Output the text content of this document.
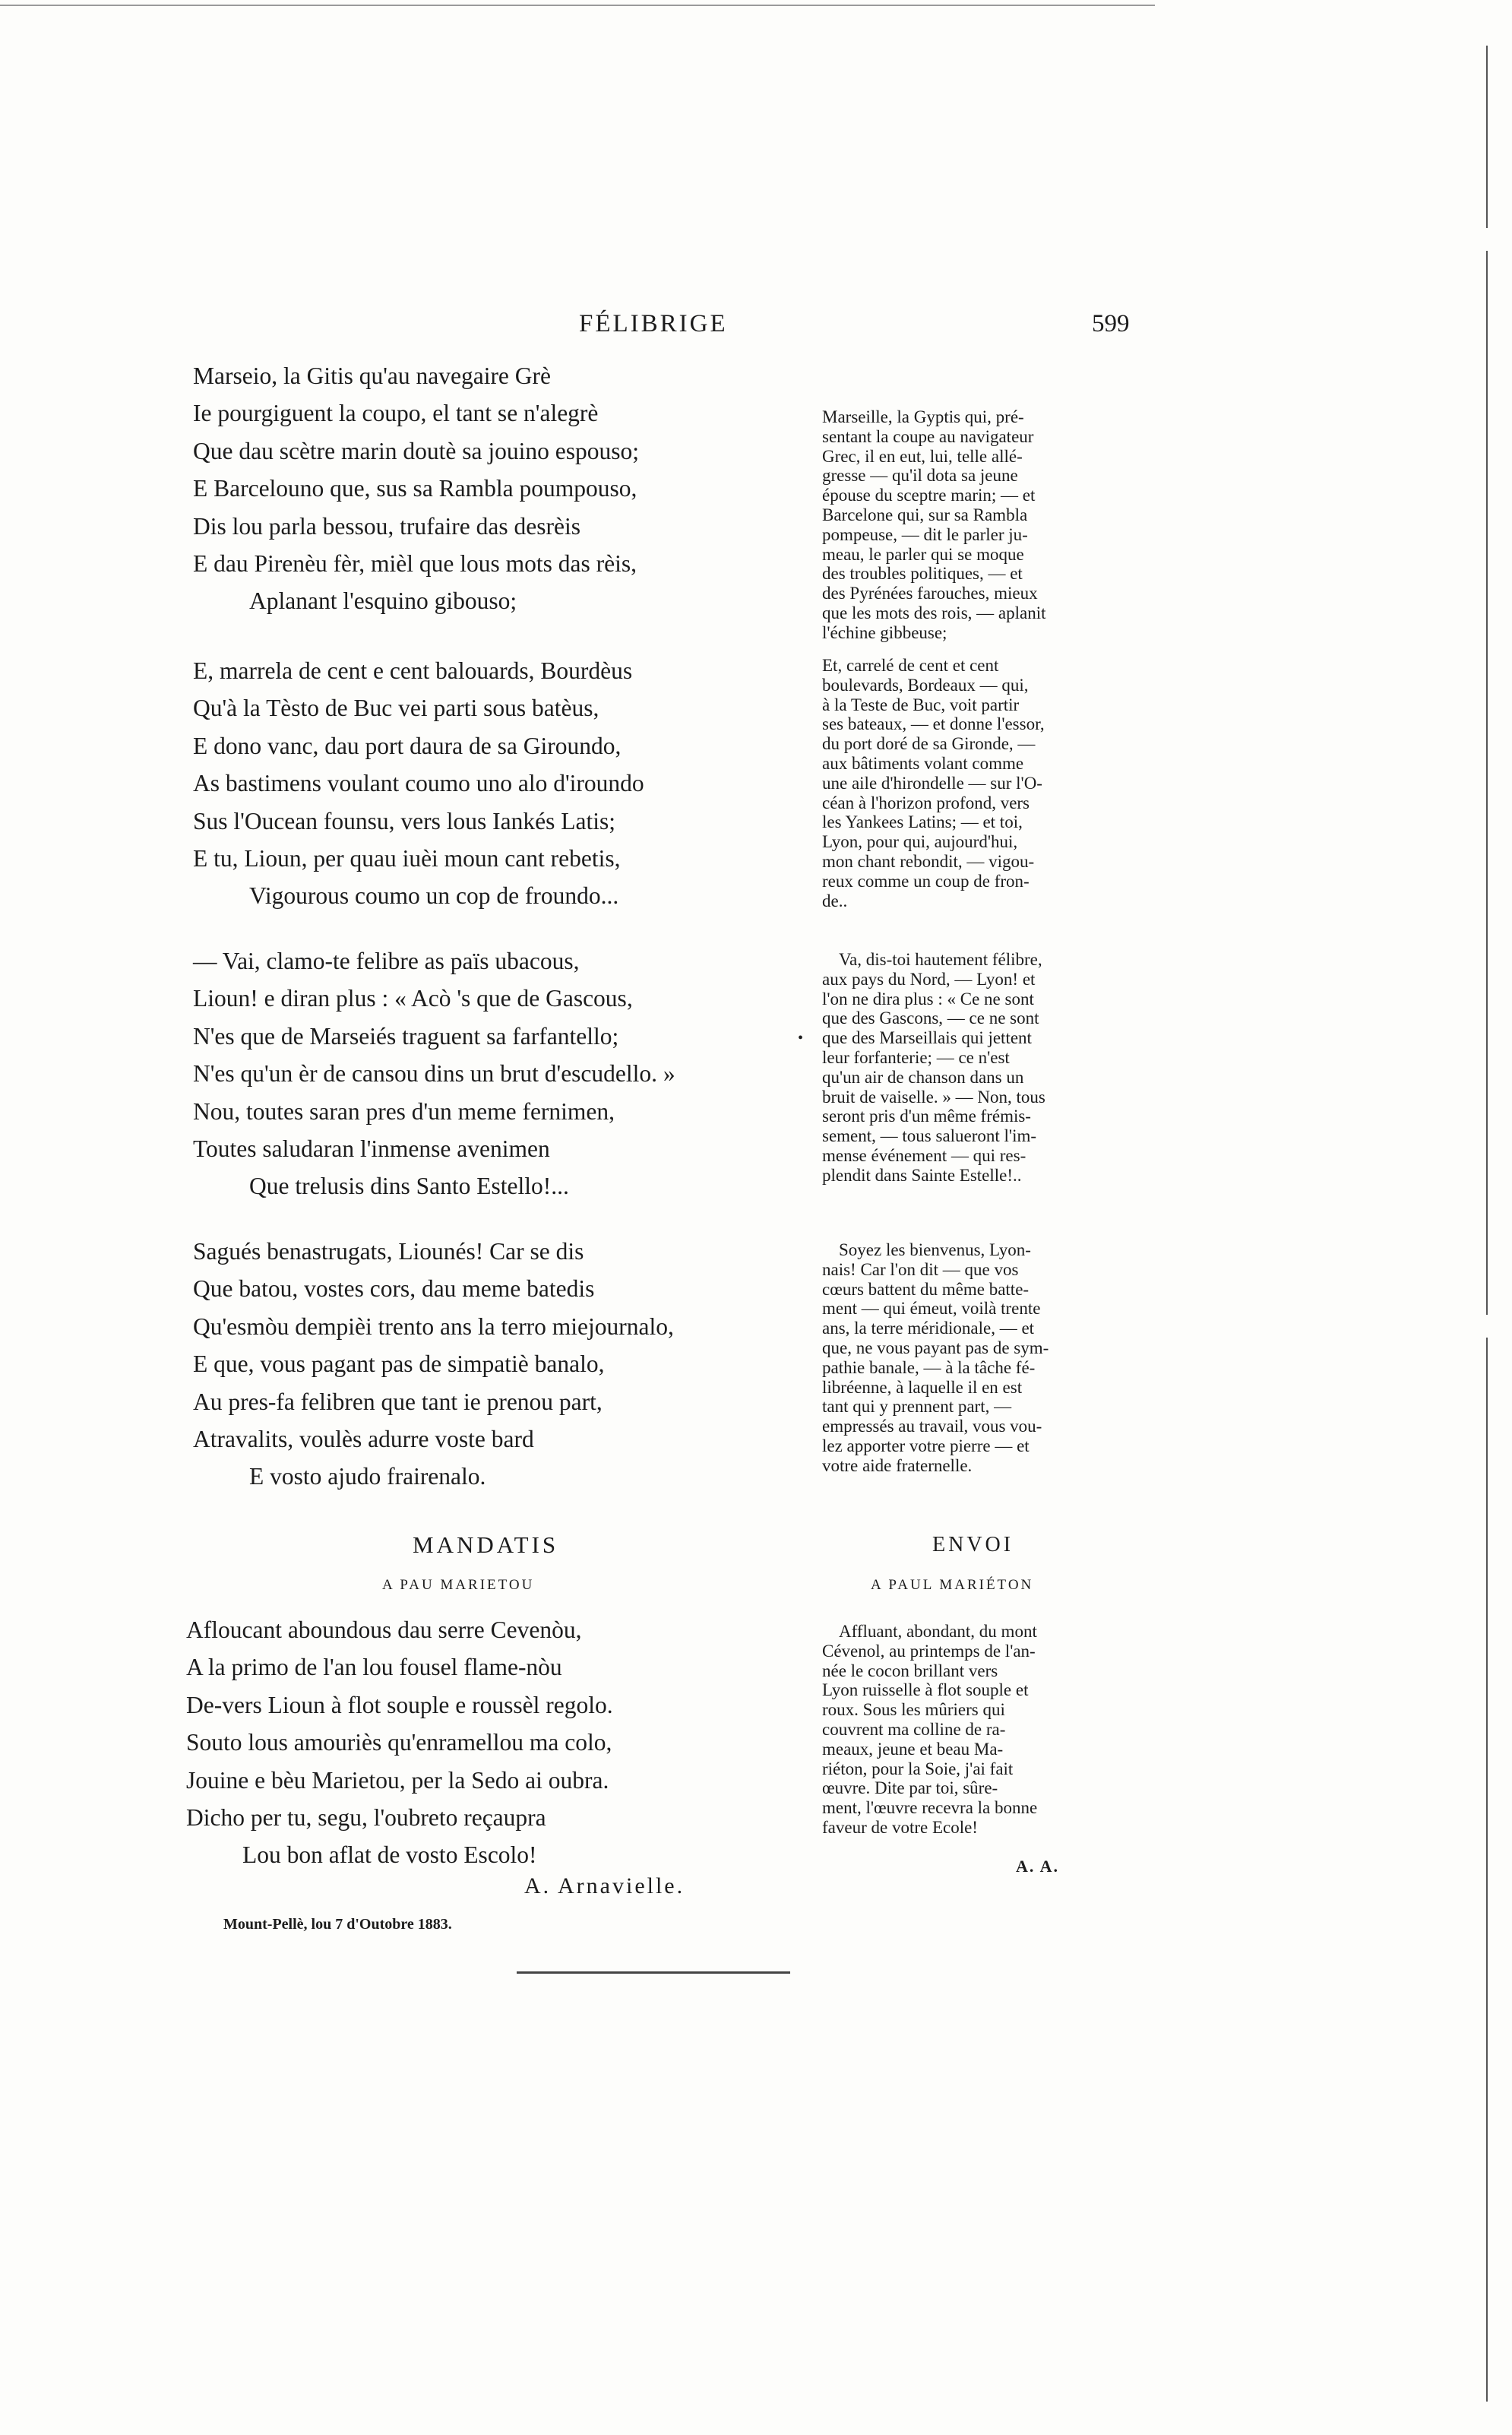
FÉLIBRIGE	599
Marseio, la Gitis qu'au navegaire Grè
Ie pourgiguent la coupo, el tant se n'alegrè
Que dau scètre marin doutè sa jouino espouso;
E Barcelouno que, sus sa Rambla poumpouso,
Dis lou parla bessou, trufaire das desrèis
E dau Pirenèu fèr, mièl que lous mots das rèis,
Aplanant l'esquino gibouso;
Marseille, la Gyptis qui, pré-
sentant la coupe au navigateur
Grec, il en eut, lui, telle allé-
gresse — qu'il dota sa jeune
épouse du sceptre marin; — et
Barcelone qui, sur sa Rambla
pompeuse, — dit le parler ju-
meau, le parler qui se moque
des troubles politiques, — et
des Pyrénées farouches, mieux
que les mots des rois, — aplanit
l'échine gibbeuse;
E, marrela de cent e cent balouards, Bourdèus
Qu'à la Tèsto de Buc vei parti sous batèus,
E dono vanc, dau port daura de sa Giroundo,
As bastimens voulant coumo uno alo d'iroundo
Sus l'Oucean founsu, vers lous Iankés Latis;
E tu, Lioun, per quau iuèi moun cant rebetis,
Vigourous coumo un cop de froundo...
Et, carrelé de cent et cent
boulevards, Bordeaux — qui,
à la Teste de Buc, voit partir
ses bateaux, — et donne l'essor,
du port doré de sa Gironde, —
aux bâtiments volant comme
une aile d'hirondelle — sur l'O-
céan à l'horizon profond, vers
les Yankees Latins; — et toi,
Lyon, pour qui, aujourd'hui,
mon chant rebondit, — vigou-
reux comme un coup de fron-
de..
— Vai, clamo-te felibre as païs ubacous,
Lioun! e diran plus : « Acò 's que de Gascous,
N'es que de Marseiés traguent sa farfantello;
N'es qu'un èr de cansou dins un brut d'escudello. »
Nou, toutes saran pres d'un meme fernimen,
Toutes saludaran l'inmense avenimen
Que trelusis dins Santo Estello!...
Va, dis-toi hautement félibre,
aux pays du Nord, — Lyon! et
l'on ne dira plus : « Ce ne sont
que des Gascons, — ce ne sont
que des Marseillais qui jettent
leur forfanterie; — ce n'est
qu'un air de chanson dans un
bruit de vaiselle. » — Non, tous
seront pris d'un même frémis-
sement, — tous salueront l'im-
mense événement — qui res-
plendit dans Sainte Estelle!..
•
Sagués benastrugats, Liounés! Car se dis
Que batou, vostes cors, dau meme batedis
Qu'esmòu dempièi trento ans la terro miejournalo,
E que, vous pagant pas de simpatiè banalo,
Au pres-fa felibren que tant ie prenou part,
Atravalits, voulès adurre voste bard
E vosto ajudo frairenalo.
Soyez les bienvenus, Lyon-
nais! Car l'on dit — que vos
cœurs battent du même batte-
ment — qui émeut, voilà trente
ans, la terre méridionale, — et
que, ne vous payant pas de sym-
pathie banale, — à la tâche fé-
libréenne, à laquelle il en est
tant qui y prennent part, —
empressés au travail, vous vou-
lez apporter votre pierre — et
votre aide fraternelle.
MANDATIS
A PAU MARIETOU
ENVOI
A PAUL MARIÉTON
Afloucant aboundous dau serre Cevenòu,
A la primo de l'an lou fousel flame-nòu
De-vers Lioun à flot souple e roussèl regolo.
Souto lous amouriès qu'enramellou ma colo,
Jouine e bèu Marietou, per la Sedo ai oubra.
Dicho per tu, segu, l'oubreto reçaupra
Lou bon aflat de vosto Escolo!
Affluant, abondant, du mont
Cévenol, au printemps de l'an-
née le cocon brillant vers
Lyon ruisselle à flot souple et
roux. Sous les mûriers qui
couvrent ma colline de ra-
meaux, jeune et beau Ma-
riéton, pour la Soie, j'ai fait
œuvre. Dite par toi, sûre-
ment, l'œuvre recevra la bonne
faveur de votre Ecole!
A. A.
A. Arnavielle.
Mount-Pellè, lou 7 d'Outobre 1883.
